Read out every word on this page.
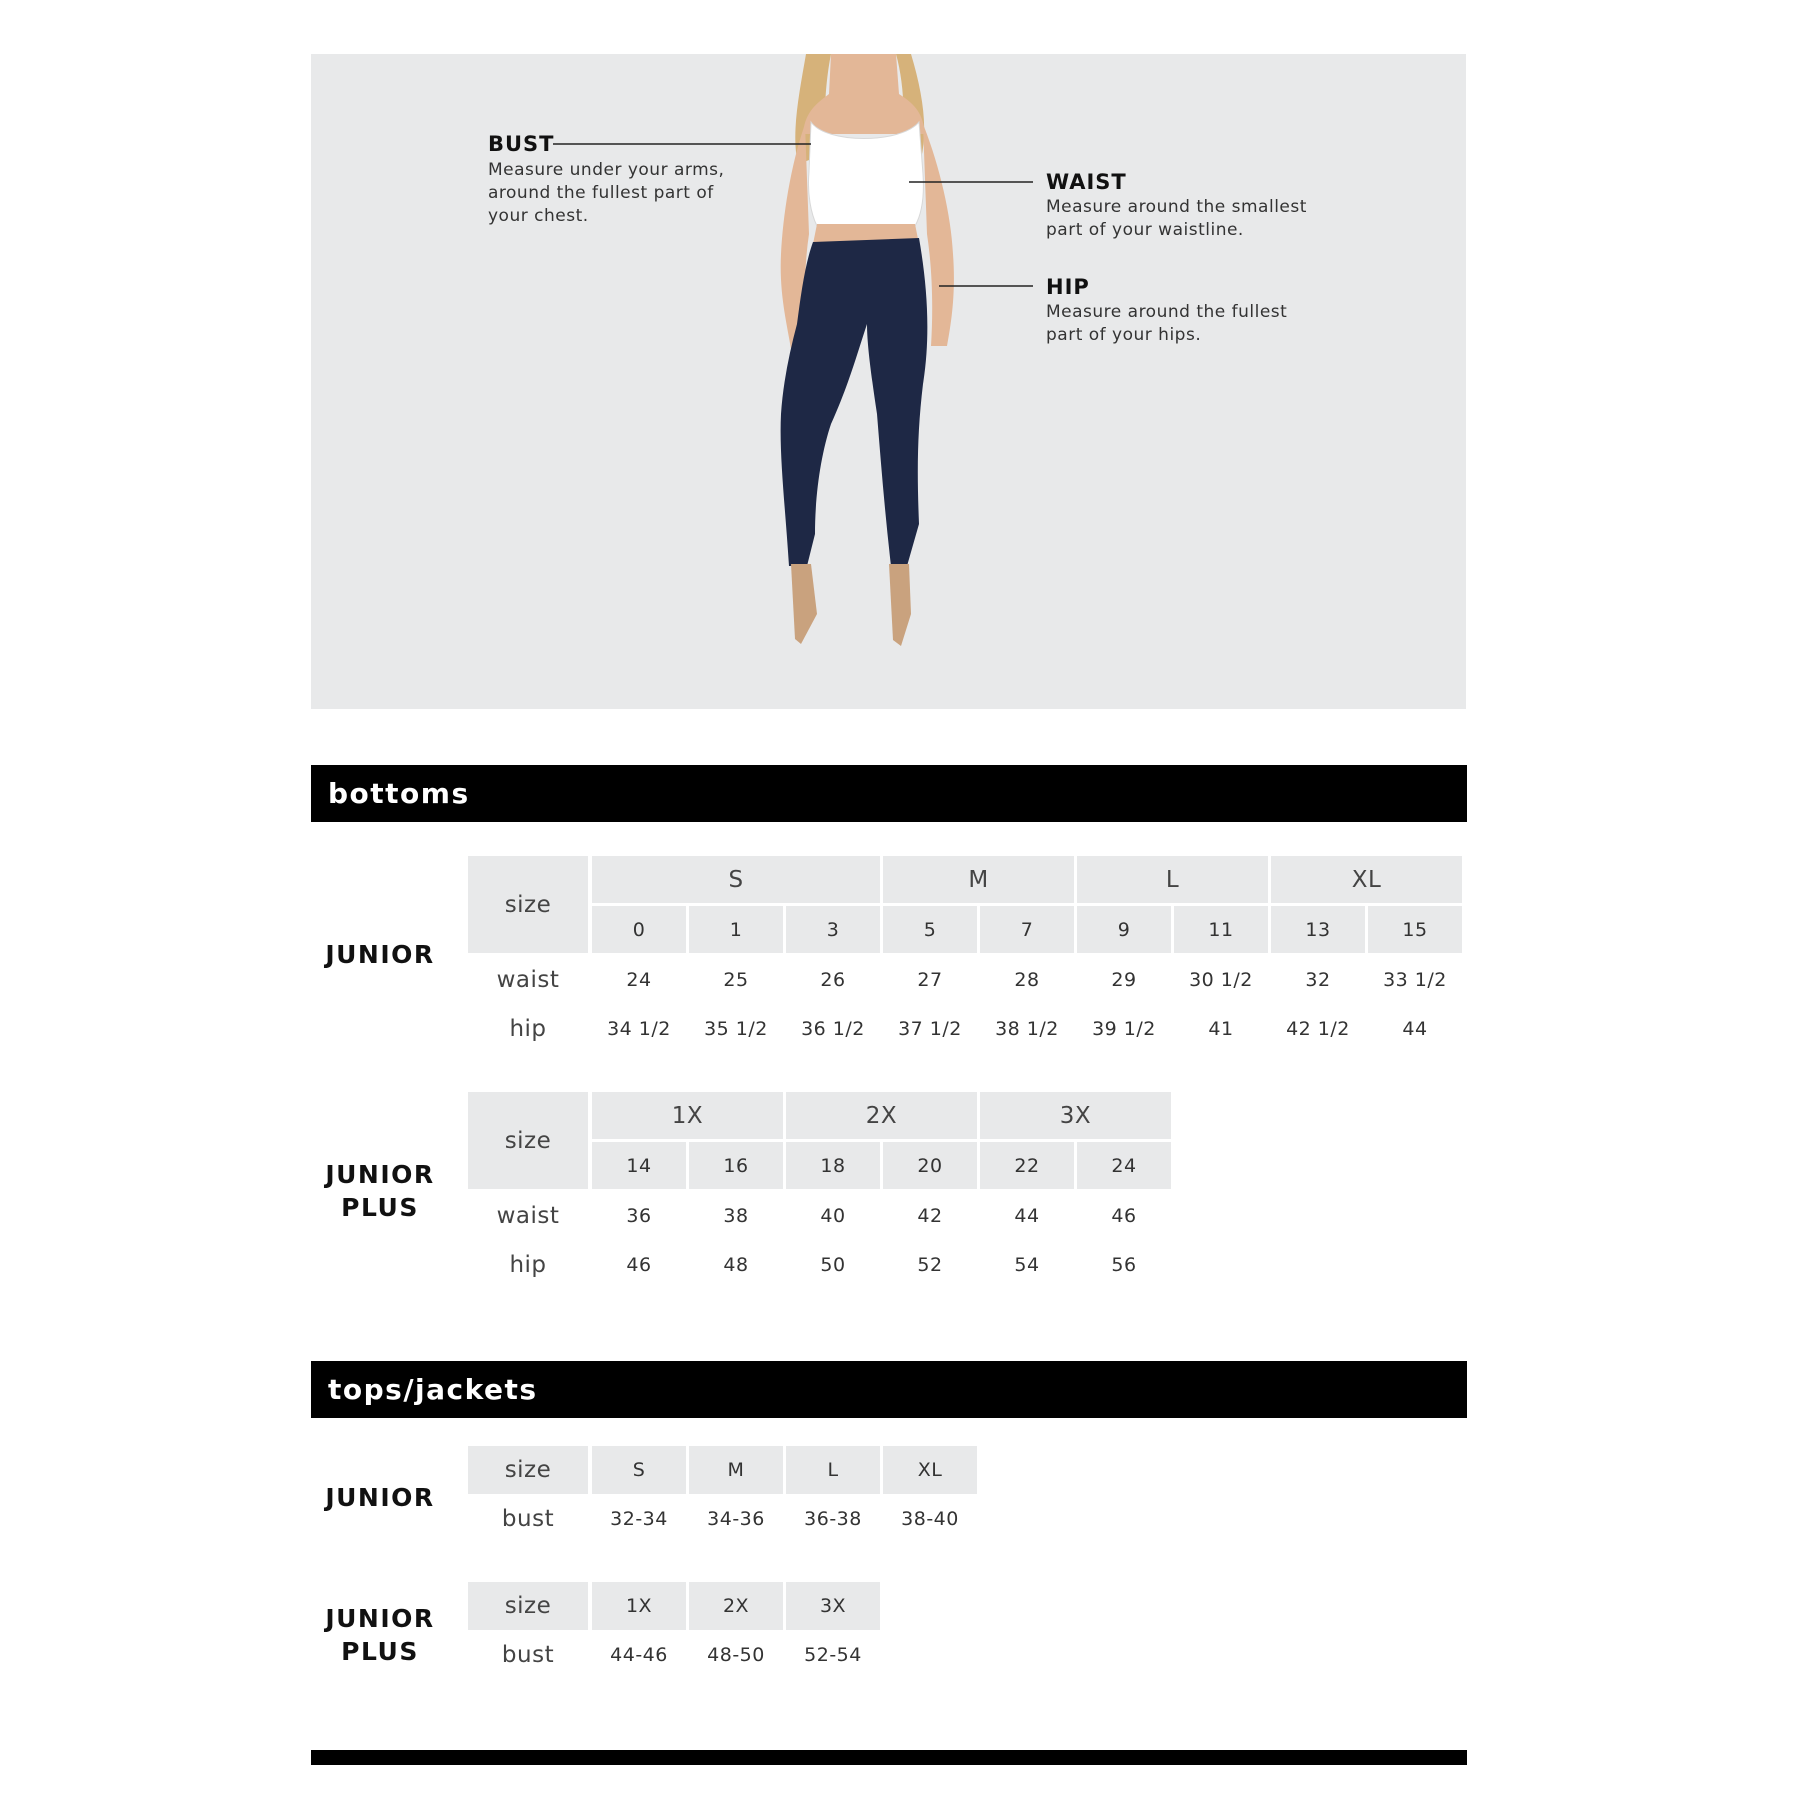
BUST
Measure under your arms,
around the fullest part of
your chest.
WAIST
Measure around the smallest
part of your waistline.
HIP
Measure around the fullest
part of your hips.
bottoms
JUNIOR
size
S	M	L	XL
0	1	3	5	7	9	11	13	15
waist	24	25	26	27	28	29	30 1/2	32	33 1/2
hip	34 1/2	35 1/2	36 1/2	37 1/2	38 1/2	39 1/2	41	42 1/2	44
JUNIOR
PLUS
size
1X	2X	3X
14	16	18	20	22	24
waist	36	38	40	42	44	46
hip	46	48	50	52	54	56
tops/jackets
JUNIOR
size	S	M	L	XL
bust	32-34	34-36	36-38	38-40
JUNIOR
PLUS
size	1X	2X	3X
bust	44-46	48-50	52-54
